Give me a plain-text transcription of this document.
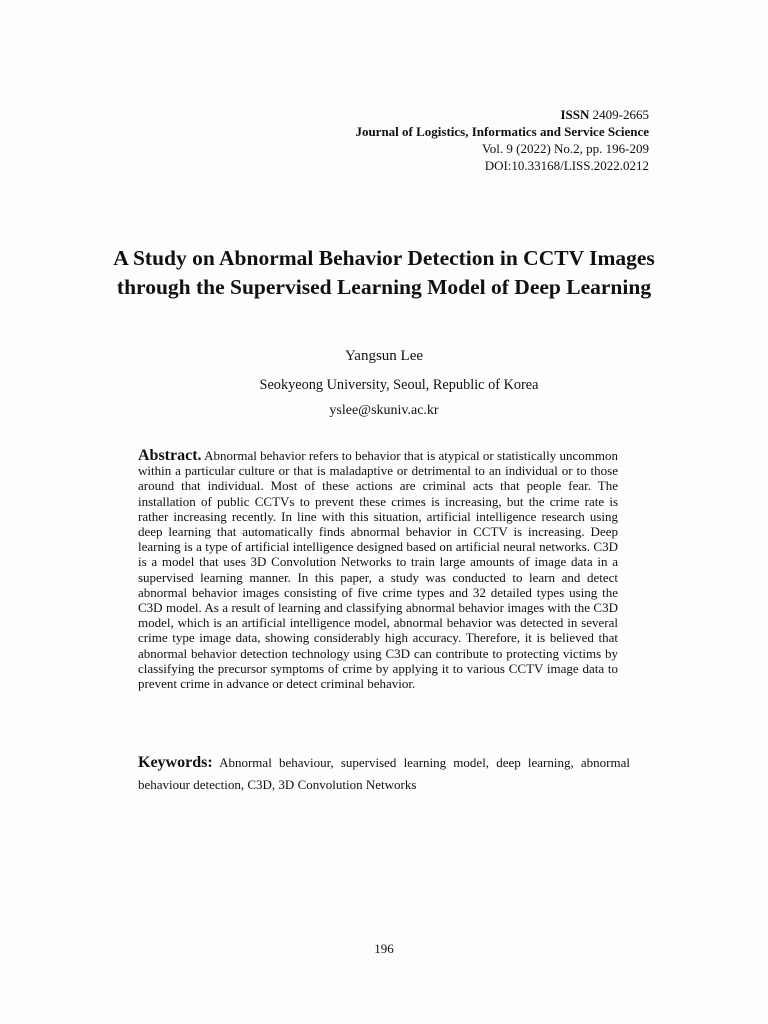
ISSN 2409-2665
Journal of Logistics, Informatics and Service Science
Vol. 9 (2022) No.2, pp. 196-209
DOI:10.33168/LISS.2022.0212
A Study on Abnormal Behavior Detection in CCTV Images through the Supervised Learning Model of Deep Learning
Yangsun Lee
Seokyeong University, Seoul, Republic of Korea
yslee@skuniv.ac.kr
Abstract. Abnormal behavior refers to behavior that is atypical or statistically uncommon within a particular culture or that is maladaptive or detrimental to an individual or to those around that individual. Most of these actions are criminal acts that people fear. The installation of public CCTVs to prevent these crimes is increasing, but the crime rate is rather increasing recently. In line with this situation, artificial intelligence research using deep learning that automatically finds abnormal behavior in CCTV is increasing. Deep learning is a type of artificial intelligence designed based on artificial neural networks. C3D is a model that uses 3D Convolution Networks to train large amounts of image data in a supervised learning manner. In this paper, a study was conducted to learn and detect abnormal behavior images consisting of five crime types and 32 detailed types using the C3D model. As a result of learning and classifying abnormal behavior images with the C3D model, which is an artificial intelligence model, abnormal behavior was detected in several crime type image data, showing considerably high accuracy. Therefore, it is believed that abnormal behavior detection technology using C3D can contribute to protecting victims by classifying the precursor symptoms of crime by applying it to various CCTV image data to prevent crime in advance or detect criminal behavior.
Keywords: Abnormal behaviour, supervised learning model, deep learning, abnormal behaviour detection, C3D, 3D Convolution Networks
196
